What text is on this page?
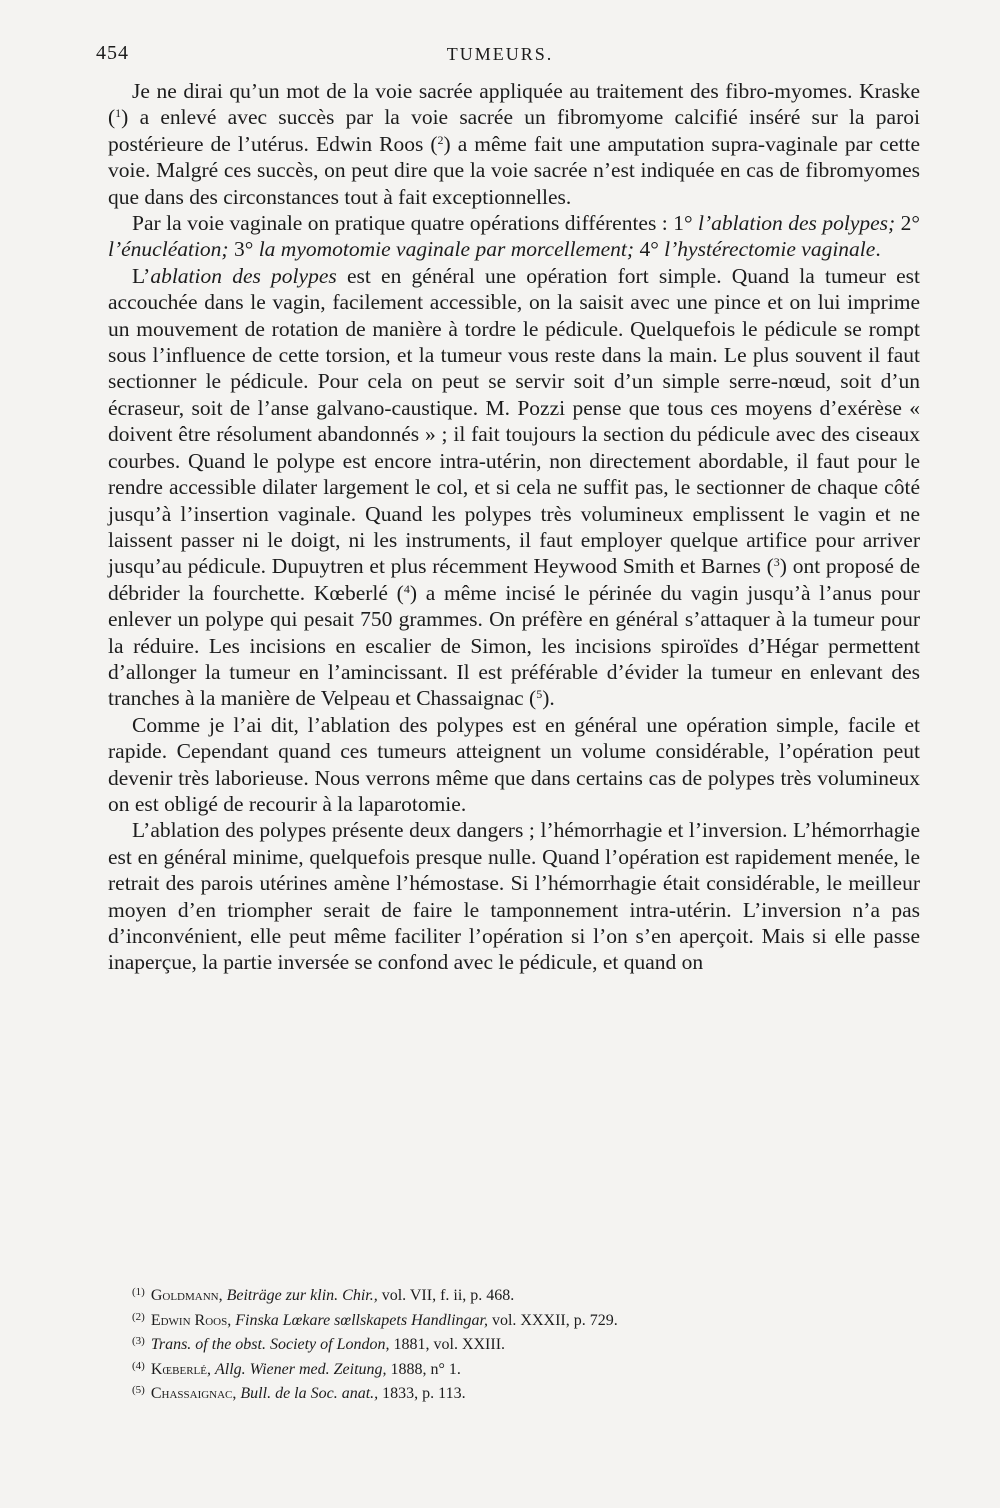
454	TUMEURS.

Je ne dirai qu’un mot de la voie sacrée appliquée au traitement des fibro-myomes. Kraske ($^1$) a enlevé avec succès par la voie sacrée un fibromyome calcifié inséré sur la paroi postérieure de l’utérus. Edwin Roos ($^2$) a même fait une amputation supra-vaginale par cette voie. Malgré ces succès, on peut dire que la voie sacrée n’est indiquée en cas de fibromyomes que dans des circonstances tout à fait exceptionnelles.

Par la voie vaginale on pratique quatre opérations différentes : 1° l’ablation des polypes; 2° l’énucléation; 3° la myomotomie vaginale par morcellement; 4° l’hystérectomie vaginale.

L’ablation des polypes est en général une opération fort simple. Quand la tumeur est accouchée dans le vagin, facilement accessible, on la saisit avec une pince et on lui imprime un mouvement de rotation de manière à tordre le pédicule. Quelquefois le pédicule se rompt sous l’influence de cette torsion, et la tumeur vous reste dans la main. Le plus souvent il faut sectionner le pédicule. Pour cela on peut se servir soit d’un simple serre-nœud, soit d’un écraseur, soit de l’anse galvano-caustique. M. Pozzi pense que tous ces moyens d’exérèse « doivent être résolument abandonnés » ; il fait toujours la section du pédicule avec des ciseaux courbes. Quand le polype est encore intra-utérin, non directement abordable, il faut pour le rendre accessible dilater largement le col, et si cela ne suffit pas, le sectionner de chaque côté jusqu’à l’insertion vaginale. Quand les polypes très volumineux emplissent le vagin et ne laissent passer ni le doigt, ni les instruments, il faut employer quelque artifice pour arriver jusqu’au pédicule. Dupuytren et plus récemment Heywood Smith et Barnes ($^3$) ont proposé de débrider la fourchette. Kœberlé ($^4$) a même incisé le périnée du vagin jusqu’à l’anus pour enlever un polype qui pesait 750 grammes. On préfère en général s’attaquer à la tumeur pour la réduire. Les incisions en escalier de Simon, les incisions spiroïdes d’Hégar permettent d’allonger la tumeur en l’amincissant. Il est préférable d’évider la tumeur en enlevant des tranches à la manière de Velpeau et Chassaignac ($^5$).

Comme je l’ai dit, l’ablation des polypes est en général une opération simple, facile et rapide. Cependant quand ces tumeurs atteignent un volume considérable, l’opération peut devenir très laborieuse. Nous verrons même que dans certains cas de polypes très volumineux on est obligé de recourir à la laparotomie.

L’ablation des polypes présente deux dangers ; l’hémorrhagie et l’inversion. L’hémorrhagie est en général minime, quelquefois presque nulle. Quand l’opération est rapidement menée, le retrait des parois utérines amène l’hémostase. Si l’hémorrhagie était considérable, le meilleur moyen d’en triompher serait de faire le tamponnement intra-utérin. L’inversion n’a pas d’inconvénient, elle peut même faciliter l’opération si l’on s’en aperçoit. Mais si elle passe inaperçue, la partie inversée se confond avec le pédicule, et quand on

$^{(1)}$ Goldmann, Beiträge zur klin. Chir., vol. VII, f. ii, p. 468.
$^{(2)}$ Edwin Roos, Finska Lœkare sœllskapets Handlingar, vol. XXXII, p. 729.
$^{(3)}$ Trans. of the obst. Society of London, 1881, vol. XXIII.
$^{(4)}$ Kœberlé, Allg. Wiener med. Zeitung, 1888, n° 1.
$^{(5)}$ Chassaignac, Bull. de la Soc. anat., 1833, p. 113.
